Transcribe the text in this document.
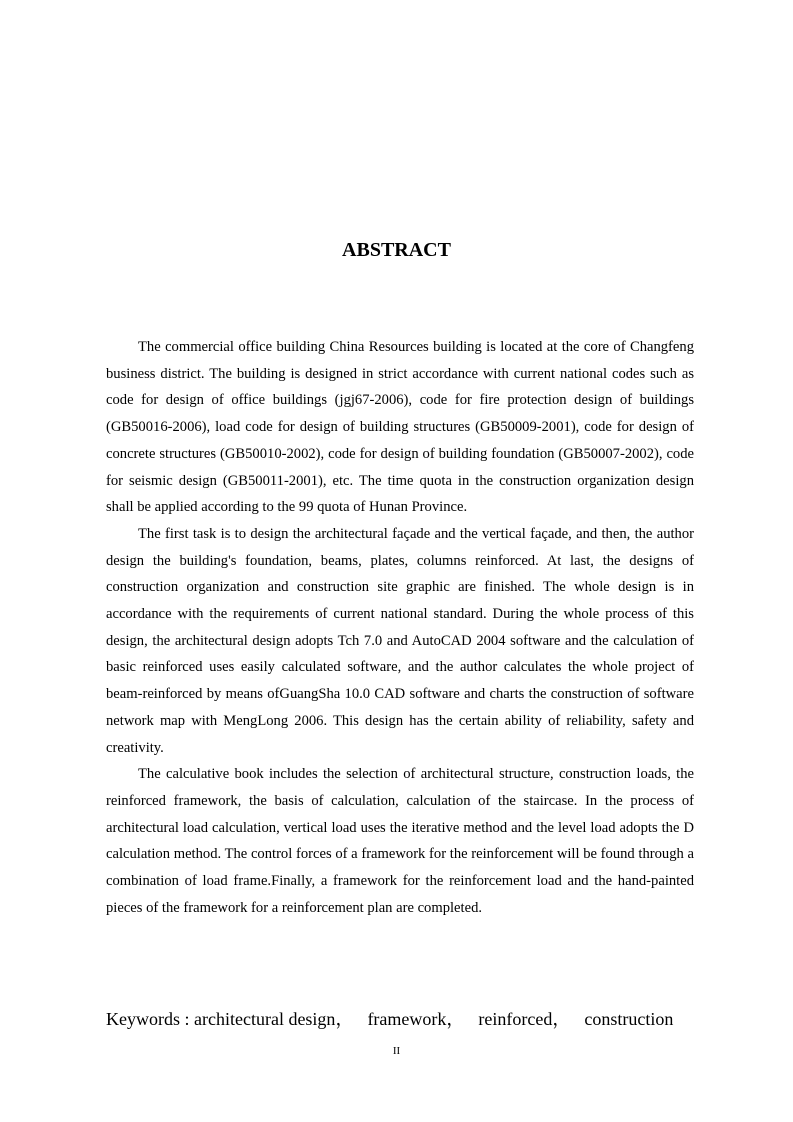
ABSTRACT

The commercial office building China Resources building is located at the core of Changfeng business district. The building is designed in strict accordance with current national codes such as code for design of office buildings (jgj67-2006), code for fire protection design of buildings (GB50016-2006), load code for design of building structures (GB50009-2001), code for design of concrete structures (GB50010-2002), code for design of building foundation (GB50007-2002), code for seismic design (GB50011-2001), etc. The time quota in the construction organization design shall be applied according to the 99 quota of Hunan Province.

The first task is to design the architectural façade and the vertical façade, and then, the author design the building's foundation, beams, plates, columns reinforced. At last, the designs of construction organization and construction site graphic are finished. The whole design is in accordance with the requirements of current national standard. During the whole process of this design, the architectural design adopts Tch 7.0 and AutoCAD 2004 software and the calculation of basic reinforced uses easily calculated software, and the author calculates the whole project of beam-reinforced by means ofGuangSha 10.0 CAD software and charts the construction of software network map with MengLong 2006. This design has the certain ability of reliability, safety and creativity.

The calculative book includes the selection of architectural structure, construction loads, the reinforced framework, the basis of calculation, calculation of the staircase. In the process of architectural load calculation, vertical load uses the iterative method and the level load adopts the D calculation method. The control forces of a framework for the reinforcement will be found through a combination of load frame.Finally, a framework for the reinforcement load and the hand-painted pieces of the framework for a reinforcement plan are completed.

Keywords : architectural design， framework， reinforced， construction
II
